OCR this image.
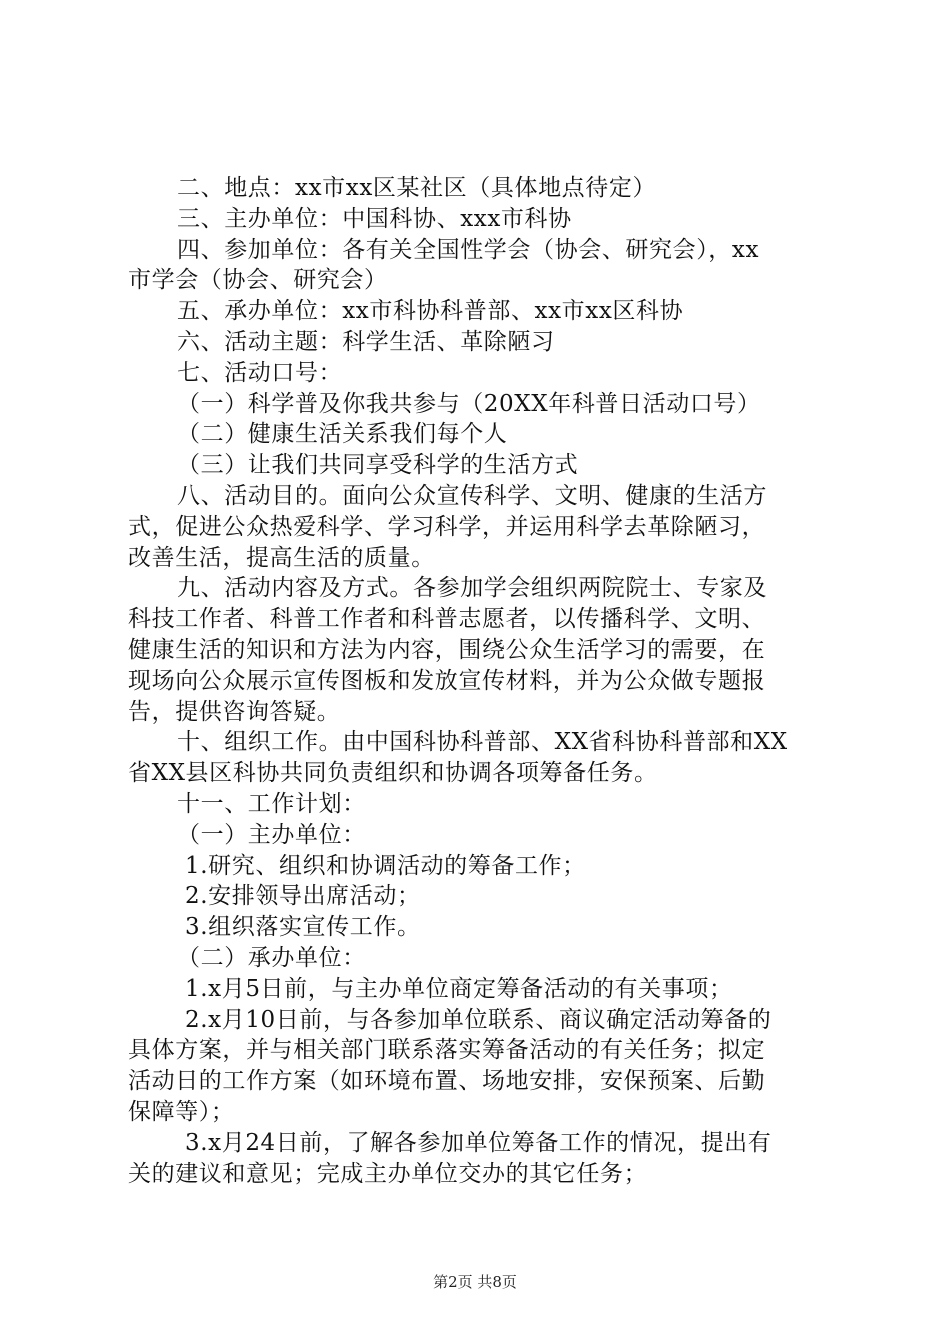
二、地点：xx市xx区某社区（具体地点待定）
三、主办单位：中国科协、xxx市科协
四、参加单位：各有关全国性学会（协会、研究会），xx
市学会（协会、研究会）
五、承办单位：xx市科协科普部、xx市xx区科协
六、活动主题：科学生活、革除陋习
七、活动口号：
（一）科学普及你我共参与（20XX年科普日活动口号）
（二）健康生活关系我们每个人
（三）让我们共同享受科学的生活方式
八、活动目的。面向公众宣传科学、文明、健康的生活方
式，促进公众热爱科学、学习科学，并运用科学去革除陋习，
改善生活，提高生活的质量。
九、活动内容及方式。各参加学会组织两院院士、专家及
科技工作者、科普工作者和科普志愿者，以传播科学、文明、
健康生活的知识和方法为内容，围绕公众生活学习的需要，在
现场向公众展示宣传图板和发放宣传材料，并为公众做专题报
告，提供咨询答疑。
十、组织工作。由中国科协科普部、XX省科协科普部和XX
省XX县区科协共同负责组织和协调各项筹备任务。
十一、工作计划：
（一）主办单位：
1.研究、组织和协调活动的筹备工作；
2.安排领导出席活动；
3.组织落实宣传工作。
（二）承办单位：
1.x月5日前，与主办单位商定筹备活动的有关事项；
2.x月10日前，与各参加单位联系、商议确定活动筹备的
具体方案，并与相关部门联系落实筹备活动的有关任务；拟定
活动日的工作方案（如环境布置、场地安排，安保预案、后勤
保障等）；
3.x月24日前，了解各参加单位筹备工作的情况，提出有
关的建议和意见；完成主办单位交办的其它任务；
第2页 共8页
